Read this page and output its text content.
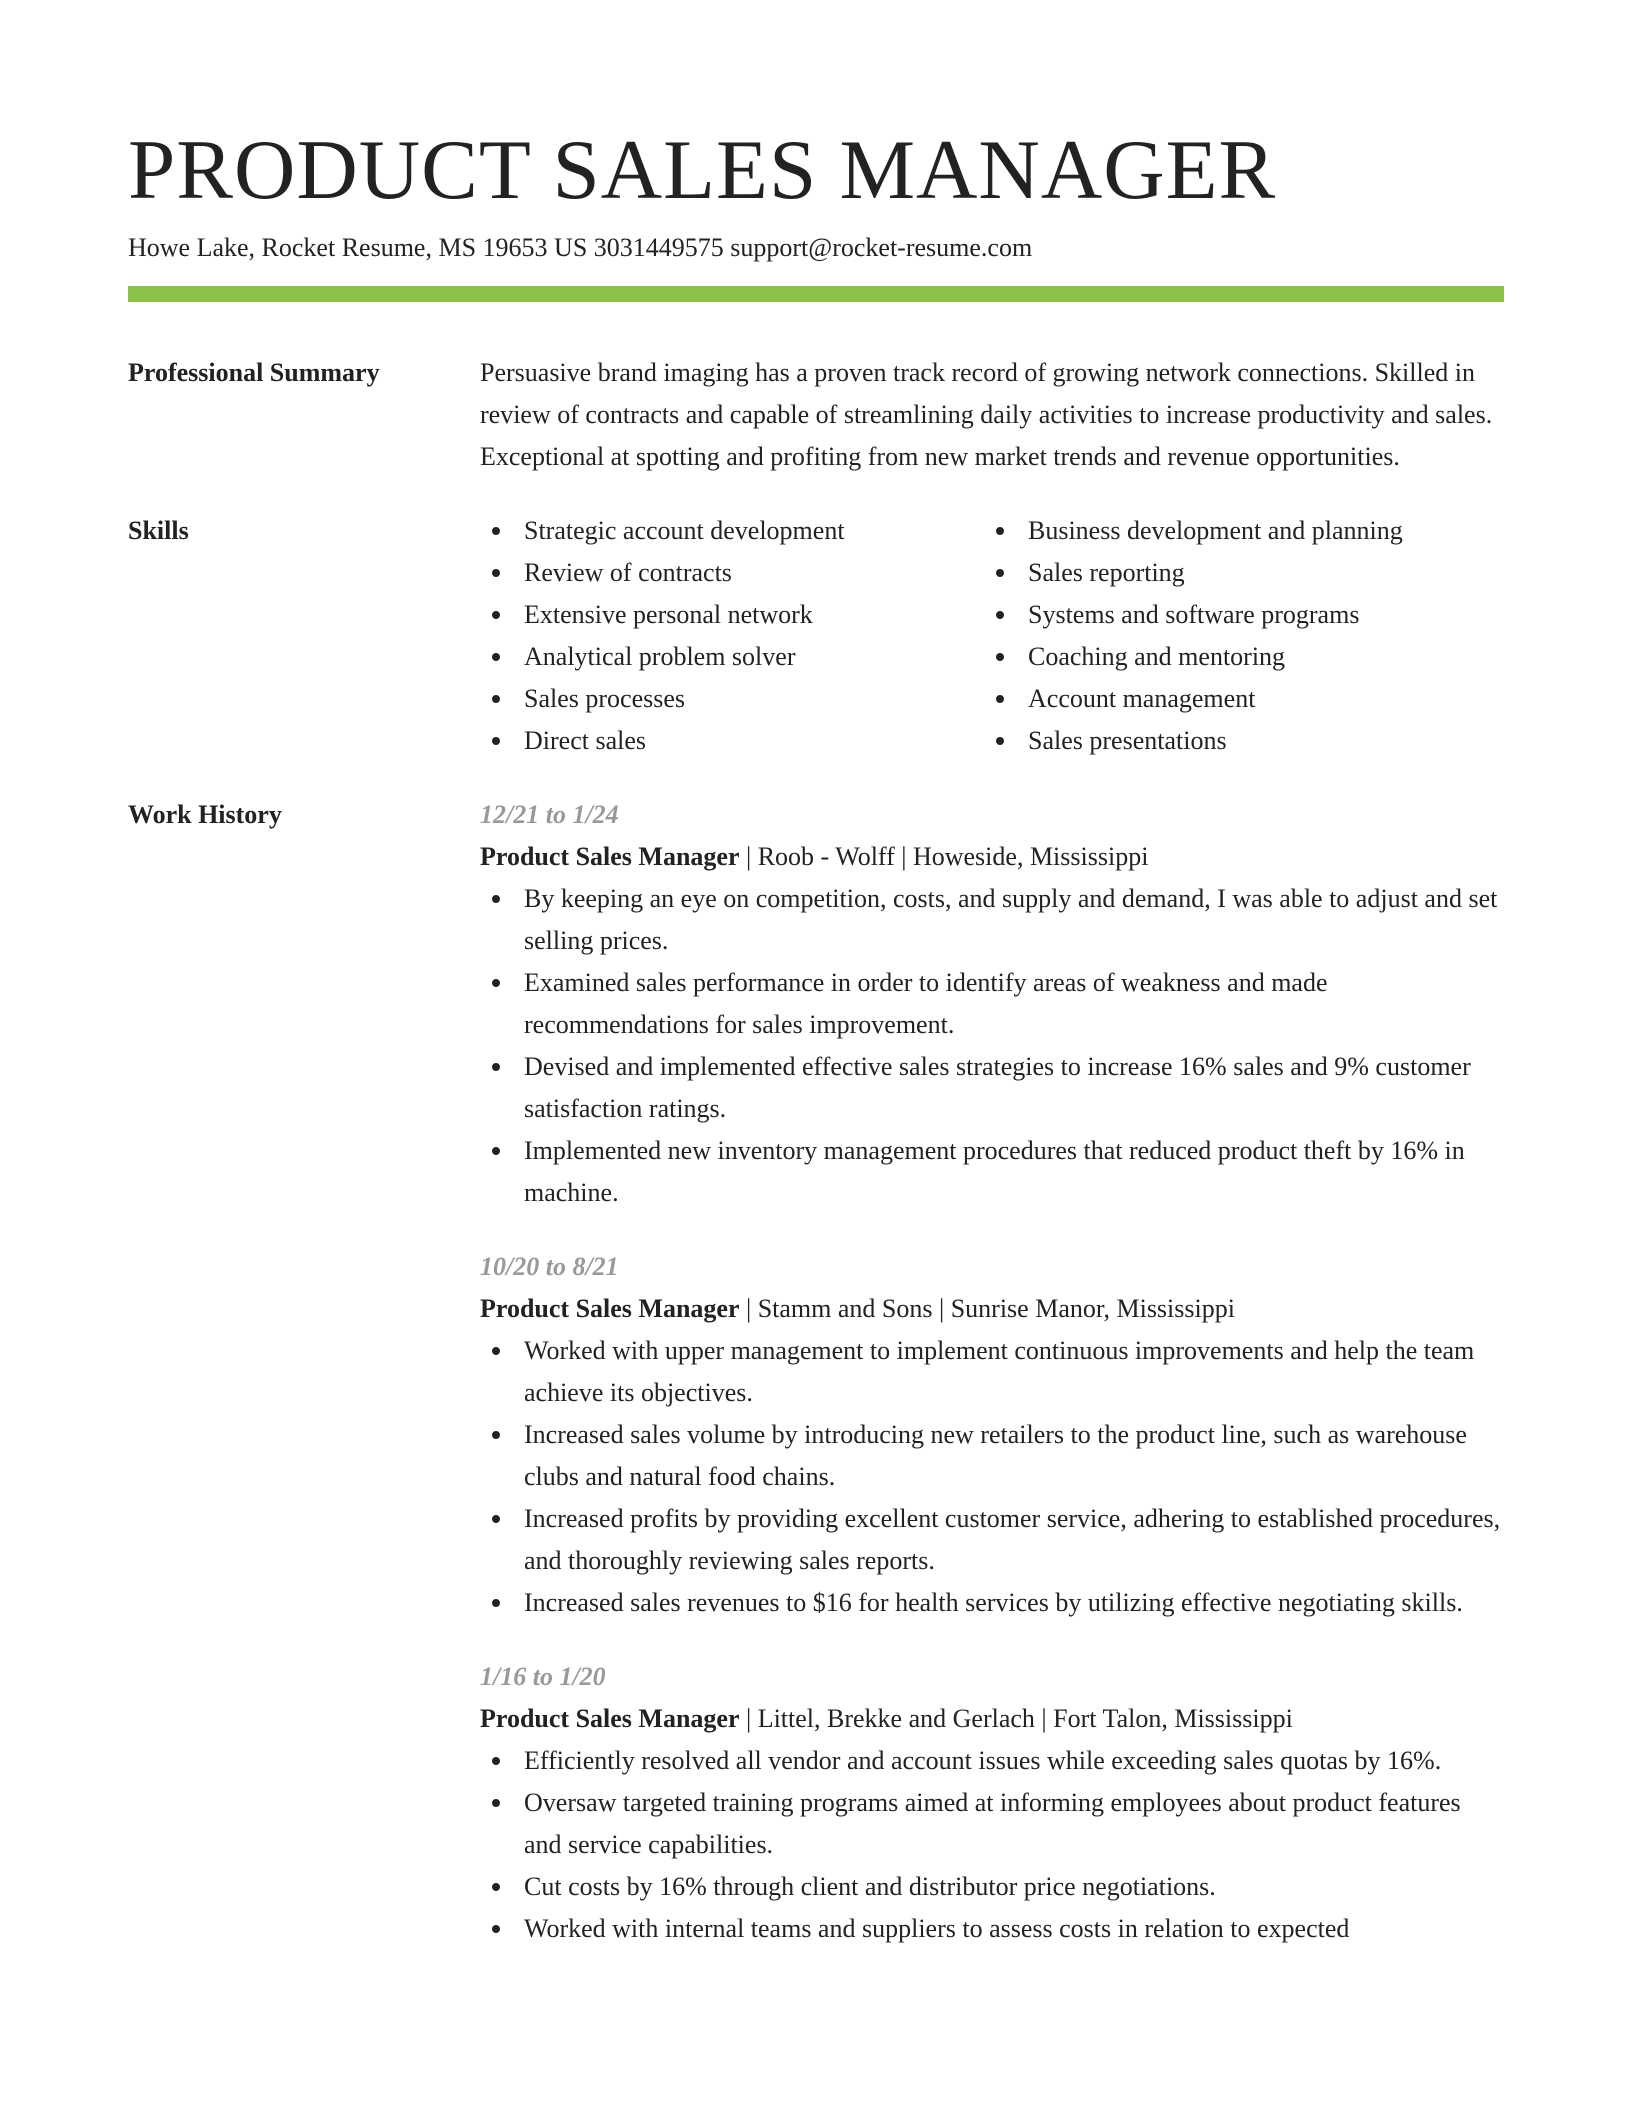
PRODUCT SALES MANAGER
Howe Lake, Rocket Resume, MS 19653 US 3031449575 support@rocket-resume.com
Professional Summary	Persuasive brand imaging has a proven track record of growing network connections. Skilled in review of contracts and capable of streamlining daily activities to increase productivity and sales. Exceptional at spotting and profiting from new market trends and revenue opportunities.
Skills	Strategic account development
Review of contracts
Extensive personal network
Analytical problem solver
Sales processes
Direct sales
Business development and planning
Sales reporting
Systems and software programs
Coaching and mentoring
Account management
Sales presentations
Work History	12/21 to 1/24
Product Sales Manager | Roob - Wolff | Howeside, Mississippi
By keeping an eye on competition, costs, and supply and demand, I was able to adjust and set selling prices.
Examined sales performance in order to identify areas of weakness and made recommendations for sales improvement.
Devised and implemented effective sales strategies to increase 16% sales and 9% customer satisfaction ratings.
Implemented new inventory management procedures that reduced product theft by 16% in machine.
10/20 to 8/21
Product Sales Manager | Stamm and Sons | Sunrise Manor, Mississippi
Worked with upper management to implement continuous improvements and help the team achieve its objectives.
Increased sales volume by introducing new retailers to the product line, such as warehouse clubs and natural food chains.
Increased profits by providing excellent customer service, adhering to established procedures, and thoroughly reviewing sales reports.
Increased sales revenues to $16 for health services by utilizing effective negotiating skills.
1/16 to 1/20
Product Sales Manager | Littel, Brekke and Gerlach | Fort Talon, Mississippi
Efficiently resolved all vendor and account issues while exceeding sales quotas by 16%.
Oversaw targeted training programs aimed at informing employees about product features and service capabilities.
Cut costs by 16% through client and distributor price negotiations.
Worked with internal teams and suppliers to assess costs in relation to expected
